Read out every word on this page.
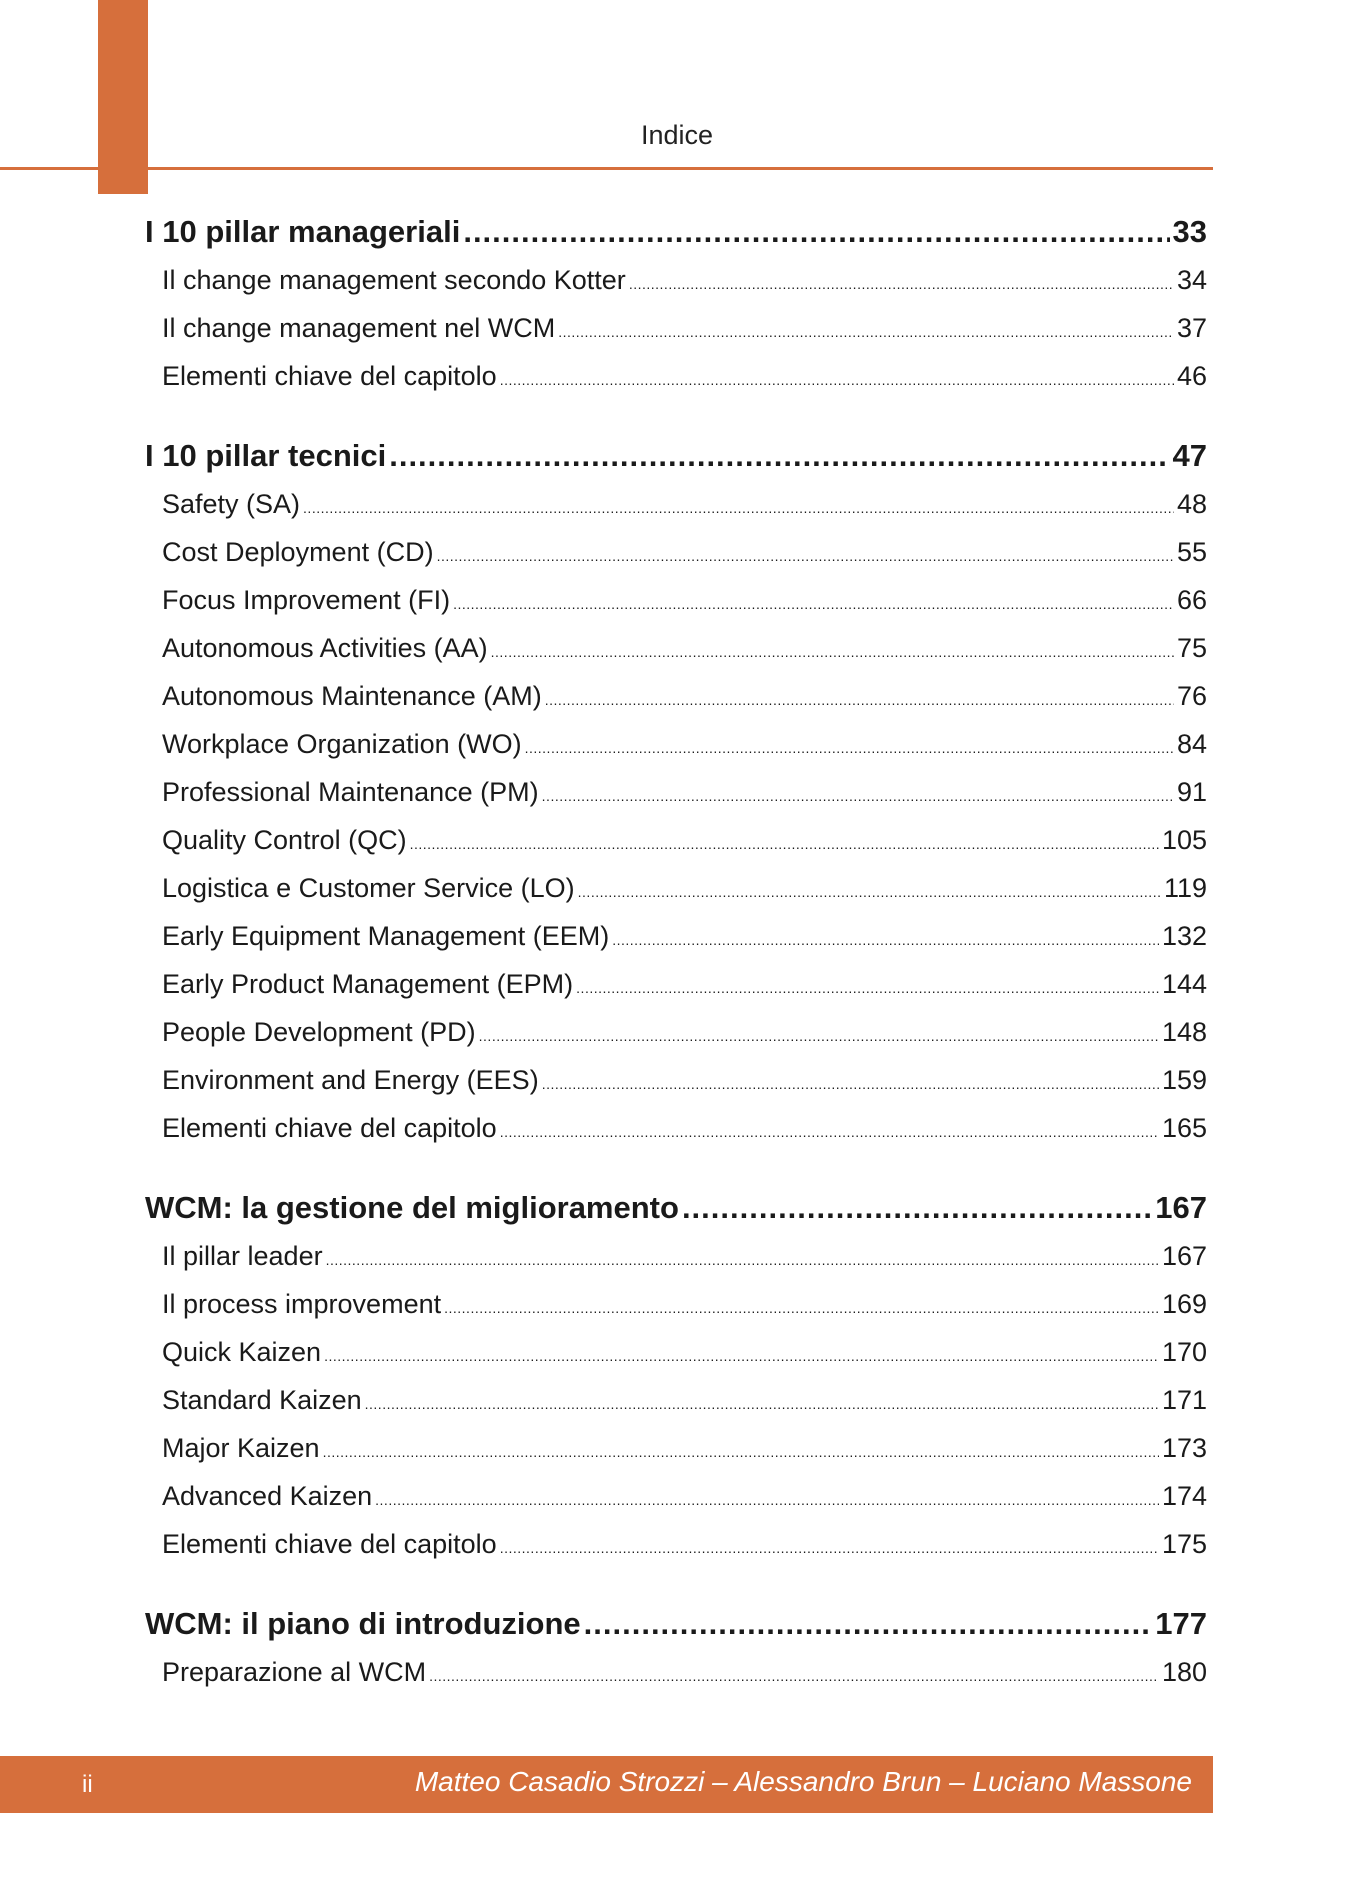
Indice
I 10 pillar manageriali .....	33
Il change management secondo Kotter .....	34
Il change management nel WCM .....	37
Elementi chiave del capitolo .....	46
I 10 pillar tecnici .....	47
Safety (SA) .....	48
Cost Deployment (CD) .....	55
Focus Improvement (FI) .....	66
Autonomous Activities (AA) .....	75
Autonomous Maintenance (AM) .....	76
Workplace Organization (WO) .....	84
Professional Maintenance (PM) .....	91
Quality Control (QC) .....	105
Logistica e Customer Service (LO) .....	119
Early Equipment Management (EEM) .....	132
Early Product Management (EPM) .....	144
People Development (PD) .....	148
Environment and Energy (EES) .....	159
Elementi chiave del capitolo .....	165
WCM: la gestione del miglioramento .....	167
Il pillar leader .....	167
Il process improvement .....	169
Quick Kaizen .....	170
Standard Kaizen .....	171
Major Kaizen .....	173
Advanced Kaizen .....	174
Elementi chiave del capitolo .....	175
WCM: il piano di introduzione .....	177
Preparazione al WCM .....	180
ii	Matteo Casadio Strozzi – Alessandro Brun – Luciano Massone
